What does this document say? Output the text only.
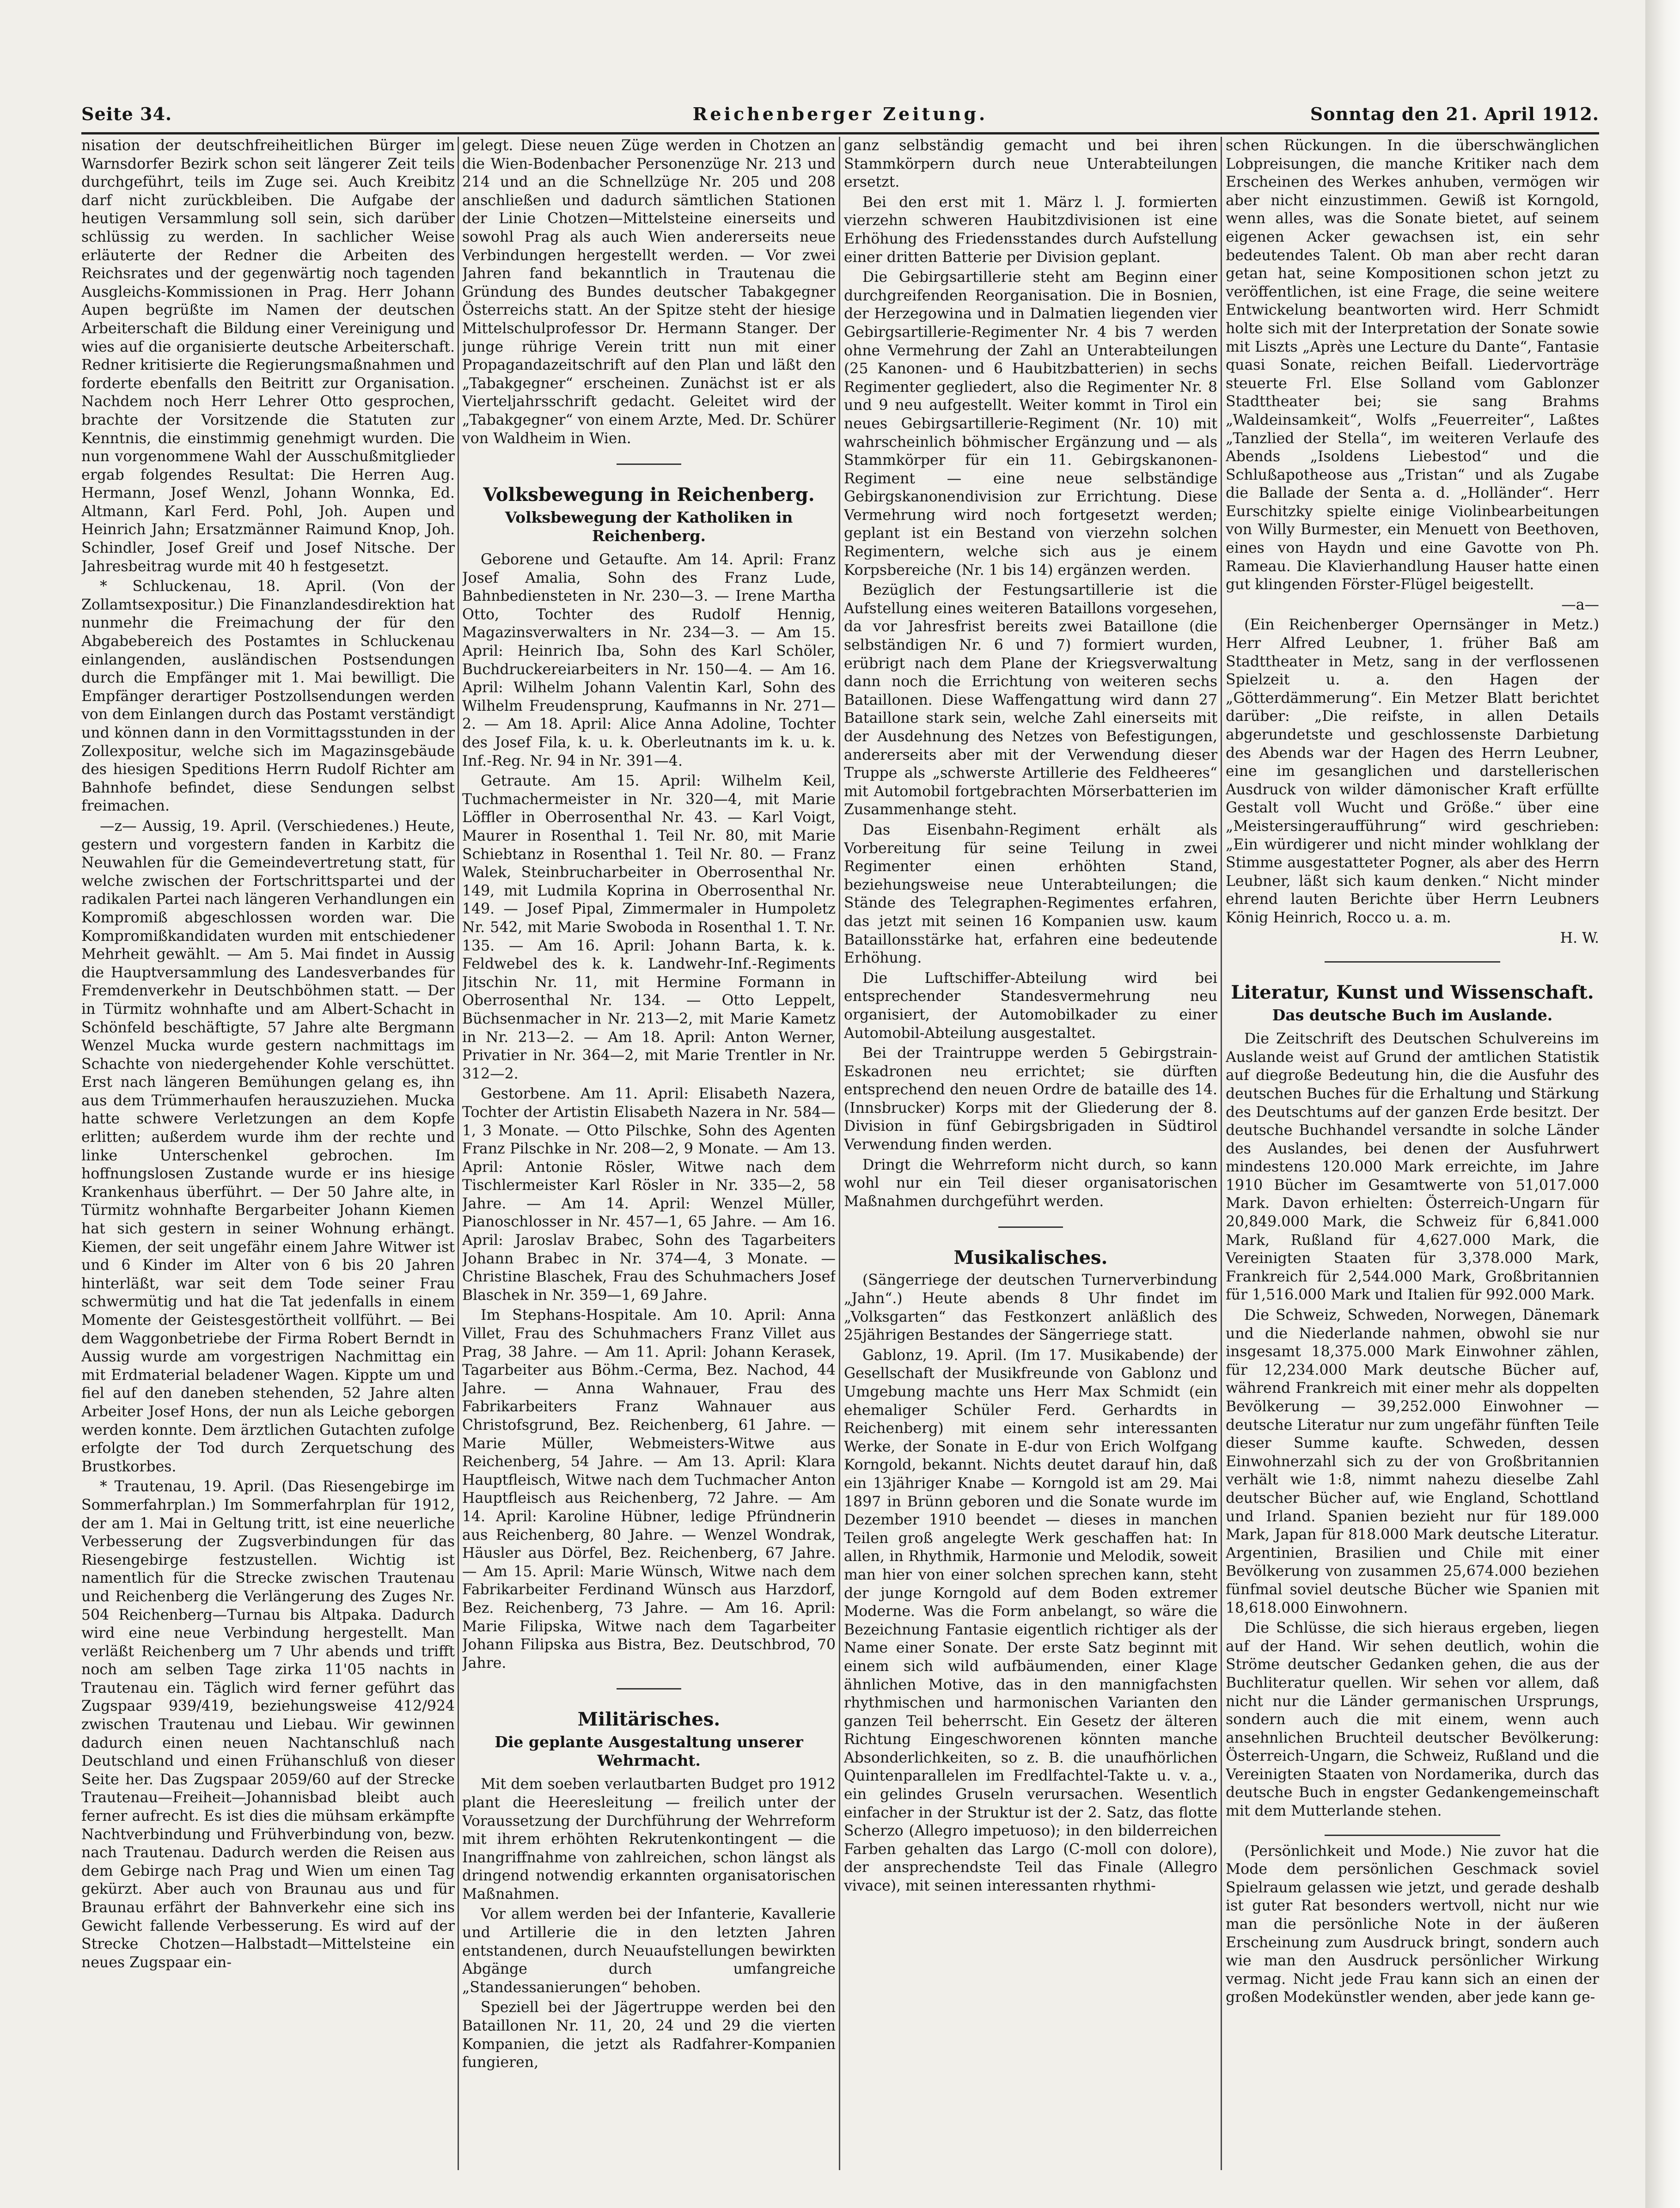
Seite 34.	Reichenberger Zeitung.	Sonntag den 21. April 1912.

nisation der deutschfreiheitlichen Bürger im Warnsdorfer Bezirk schon seit längerer Zeit teils durchgeführt, teils im Zuge sei. Auch Kreibitz darf nicht zurückbleiben. Die Aufgabe der heutigen Versammlung soll sein, sich darüber schlüssig zu werden. In sachlicher Weise erläuterte der Redner die Arbeiten des Reichsrates und der gegenwärtig noch tagenden Ausgleichs-Kommissionen in Prag. Herr Johann Aupen begrüßte im Namen der deutschen Arbeiterschaft die Bildung einer Vereinigung und wies auf die organisierte deutsche Arbeiterschaft. Redner kritisierte die Regierungsmaßnahmen und forderte ebenfalls den Beitritt zur Organisation. Nachdem noch Herr Lehrer Otto gesprochen, brachte der Vorsitzende die Statuten zur Kenntnis, die einstimmig genehmigt wurden. Die nun vorgenommene Wahl der Ausschußmitglieder ergab folgendes Resultat: Die Herren Aug. Hermann, Josef Wenzl, Johann Wonnka, Ed. Altmann, Karl Ferd. Pohl, Joh. Aupen und Heinrich Jahn; Ersatzmänner Raimund Knop, Joh. Schindler, Josef Greif und Josef Nitsche. Der Jahresbeitrag wurde mit 40 h festgesetzt.

* Schluckenau, 18. April. (Von der Zollamtsexpositur.) Die Finanzlandesdirektion hat nunmehr die Freimachung der für den Abgabebereich des Postamtes in Schluckenau einlangenden, ausländischen Postsendungen durch die Empfänger mit 1. Mai bewilligt. Die Empfänger derartiger Postzollsendungen werden von dem Einlangen durch das Postamt verständigt und können dann in den Vormittagsstunden in der Zollexpositur, welche sich im Magazinsgebäude des hiesigen Speditions Herrn Rudolf Richter am Bahnhofe befindet, diese Sendungen selbst freimachen.

—z— Aussig, 19. April. (Verschiedenes.) Heute, gestern und vorgestern fanden in Karbitz die Neuwahlen für die Gemeindevertretung statt, für welche zwischen der Fortschrittspartei und der radikalen Partei nach längeren Verhandlungen ein Kompromiß abgeschlossen worden war. Die Kompromißkandidaten wurden mit entschiedener Mehrheit gewählt. — Am 5. Mai findet in Aussig die Hauptversammlung des Landesverbandes für Fremdenverkehr in Deutschböhmen statt. — Der in Türmitz wohnhafte und am Albert-Schacht in Schönfeld beschäftigte, 57 Jahre alte Bergmann Wenzel Mucka wurde gestern nachmittags im Schachte von niedergehender Kohle verschüttet. Erst nach längeren Bemühungen gelang es, ihn aus dem Trümmerhaufen herauszuziehen. Mucka hatte schwere Verletzungen an dem Kopfe erlitten; außerdem wurde ihm der rechte und linke Unterschenkel gebrochen. Im hoffnungslosen Zustande wurde er ins hiesige Krankenhaus überführt. — Der 50 Jahre alte, in Türmitz wohnhafte Bergarbeiter Johann Kiemen hat sich gestern in seiner Wohnung erhängt. Kiemen, der seit ungefähr einem Jahre Witwer ist und 6 Kinder im Alter von 6 bis 20 Jahren hinterläßt, war seit dem Tode seiner Frau schwermütig und hat die Tat jedenfalls in einem Momente der Geistesgestörtheit vollführt. — Bei dem Waggonbetriebe der Firma Robert Berndt in Aussig wurde am vorgestrigen Nachmittag ein mit Erdmaterial beladener Wagen. Kippte um und fiel auf den daneben stehenden, 52 Jahre alten Arbeiter Josef Hons, der nun als Leiche geborgen werden konnte. Dem ärztlichen Gutachten zufolge erfolgte der Tod durch Zerquetschung des Brustkorbes.

* Trautenau, 19. April. (Das Riesengebirge im Sommerfahrplan.) Im Sommerfahrplan für 1912, der am 1. Mai in Geltung tritt, ist eine neuerliche Verbesserung der Zugsverbindungen für das Riesengebirge festzustellen. Wichtig ist namentlich für die Strecke zwischen Trautenau und Reichenberg die Verlängerung des Zuges Nr. 504 Reichenberg—Turnau bis Altpaka. Dadurch wird eine neue Verbindung hergestellt. Man verläßt Reichenberg um 7 Uhr abends und trifft noch am selben Tage zirka 11'05 nachts in Trautenau ein. Täglich wird ferner geführt das Zugspaar 939/419, beziehungsweise 412/924 zwischen Trautenau und Liebau. Wir gewinnen dadurch einen neuen Nachtanschluß nach Deutschland und einen Frühanschluß von dieser Seite her. Das Zugspaar 2059/60 auf der Strecke Trautenau—Freiheit—Johannisbad bleibt auch ferner aufrecht. Es ist dies die mühsam erkämpfte Nachtverbindung und Frühverbindung von, bezw. nach Trautenau. Dadurch werden die Reisen aus dem Gebirge nach Prag und Wien um einen Tag gekürzt. Aber auch von Braunau aus und für Braunau erfährt der Bahnverkehr eine sich ins Gewicht fallende Verbesserung. Es wird auf der Strecke Chotzen—Halbstadt—Mittelsteine ein neues Zugspaar ein-

gelegt. Diese neuen Züge werden in Chotzen an die Wien-Bodenbacher Personenzüge Nr. 213 und 214 und an die Schnellzüge Nr. 205 und 208 anschließen und dadurch sämtlichen Stationen der Linie Chotzen—Mittelsteine einerseits und sowohl Prag als auch Wien andererseits neue Verbindungen hergestellt werden. — Vor zwei Jahren fand bekanntlich in Trautenau die Gründung des Bundes deutscher Tabakgegner Österreichs statt. An der Spitze steht der hiesige Mittelschulprofessor Dr. Hermann Stanger. Der junge rührige Verein tritt nun mit einer Propagandazeitschrift auf den Plan und läßt den „Tabakgegner“ erscheinen. Zunächst ist er als Vierteljahrsschrift gedacht. Geleitet wird der „Tabakgegner“ von einem Arzte, Med. Dr. Schürer von Waldheim in Wien.

Volksbewegung in Reichenberg.
Volksbewegung der Katholiken in Reichenberg.

Geborene und Getaufte. Am 14. April: Franz Josef Amalia, Sohn des Franz Lude, Bahnbediensteten in Nr. 230—3. — Irene Martha Otto, Tochter des Rudolf Hennig, Magazinsverwalters in Nr. 234—3. — Am 15. April: Heinrich Iba, Sohn des Karl Schöler, Buchdruckereiarbeiters in Nr. 150—4. — Am 16. April: Wilhelm Johann Valentin Karl, Sohn des Wilhelm Freudensprung, Kaufmanns in Nr. 271—2. — Am 18. April: Alice Anna Adoline, Tochter des Josef Fila, k. u. k. Oberleutnants im k. u. k. Inf.-Reg. Nr. 94 in Nr. 391—4.

Getraute. Am 15. April: Wilhelm Keil, Tuchmachermeister in Nr. 320—4, mit Marie Löffler in Oberrosenthal Nr. 43. — Karl Voigt, Maurer in Rosenthal 1. Teil Nr. 80, mit Marie Schiebtanz in Rosenthal 1. Teil Nr. 80. — Franz Walek, Steinbrucharbeiter in Oberrosenthal Nr. 149, mit Ludmila Koprina in Oberrosenthal Nr. 149. — Josef Pipal, Zimmermaler in Humpoletz Nr. 542, mit Marie Swoboda in Rosenthal 1. T. Nr. 135. — Am 16. April: Johann Barta, k. k. Feldwebel des k. k. Landwehr-Inf.-Regiments Jitschin Nr. 11, mit Hermine Formann in Oberrosenthal Nr. 134. — Otto Leppelt, Büchsenmacher in Nr. 213—2, mit Marie Kametz in Nr. 213—2. — Am 18. April: Anton Werner, Privatier in Nr. 364—2, mit Marie Trentler in Nr. 312—2.

Gestorbene. Am 11. April: Elisabeth Nazera, Tochter der Artistin Elisabeth Nazera in Nr. 584—1, 3 Monate. — Otto Pilschke, Sohn des Agenten Franz Pilschke in Nr. 208—2, 9 Monate. — Am 13. April: Antonie Rösler, Witwe nach dem Tischlermeister Karl Rösler in Nr. 335—2, 58 Jahre. — Am 14. April: Wenzel Müller, Pianoschlosser in Nr. 457—1, 65 Jahre. — Am 16. April: Jaroslav Brabec, Sohn des Tagarbeiters Johann Brabec in Nr. 374—4, 3 Monate. — Christine Blaschek, Frau des Schuhmachers Josef Blaschek in Nr. 359—1, 69 Jahre.

Im Stephans-Hospitale. Am 10. April: Anna Villet, Frau des Schuhmachers Franz Villet aus Prag, 38 Jahre. — Am 11. April: Johann Kerasek, Tagarbeiter aus Böhm.-Cerma, Bez. Nachod, 44 Jahre. — Anna Wahnauer, Frau des Fabrikarbeiters Franz Wahnauer aus Christofsgrund, Bez. Reichenberg, 61 Jahre. — Marie Müller, Webmeisters-Witwe aus Reichenberg, 54 Jahre. — Am 13. April: Klara Hauptfleisch, Witwe nach dem Tuchmacher Anton Hauptfleisch aus Reichenberg, 72 Jahre. — Am 14. April: Karoline Hübner, ledige Pfründnerin aus Reichenberg, 80 Jahre. — Wenzel Wondrak, Häusler aus Dörfel, Bez. Reichenberg, 67 Jahre. — Am 15. April: Marie Wünsch, Witwe nach dem Fabrikarbeiter Ferdinand Wünsch aus Harzdorf, Bez. Reichenberg, 73 Jahre. — Am 16. April: Marie Filipska, Witwe nach dem Tagarbeiter Johann Filipska aus Bistra, Bez. Deutschbrod, 70 Jahre.

Militärisches.
Die geplante Ausgestaltung unserer Wehrmacht.

Mit dem soeben verlautbarten Budget pro 1912 plant die Heeresleitung — freilich unter der Voraussetzung der Durchführung der Wehrreform mit ihrem erhöhten Rekrutenkontingent — die Inangriffnahme von zahlreichen, schon längst als dringend notwendig erkannten organisatorischen Maßnahmen.

Vor allem werden bei der Infanterie, Kavallerie und Artillerie die in den letzten Jahren entstandenen, durch Neuaufstellungen bewirkten Abgänge durch umfangreiche „Standessanierungen“ behoben.

Speziell bei der Jägertruppe werden bei den Bataillonen Nr. 11, 20, 24 und 29 die vierten Kompanien, die jetzt als Radfahrer-Kompanien fungieren,

ganz selbständig gemacht und bei ihren Stammkörpern durch neue Unterabteilungen ersetzt.

Bei den erst mit 1. März l. J. formierten vierzehn schweren Haubitzdivisionen ist eine Erhöhung des Friedensstandes durch Aufstellung einer dritten Batterie per Division geplant.

Die Gebirgsartillerie steht am Beginn einer durchgreifenden Reorganisation. Die in Bosnien, der Herzegowina und in Dalmatien liegenden vier Gebirgsartillerie-Regimenter Nr. 4 bis 7 werden ohne Vermehrung der Zahl an Unterabteilungen (25 Kanonen- und 6 Haubitzbatterien) in sechs Regimenter gegliedert, also die Regimenter Nr. 8 und 9 neu aufgestellt. Weiter kommt in Tirol ein neues Gebirgsartillerie-Regiment (Nr. 10) mit wahrscheinlich böhmischer Ergänzung und — als Stammkörper für ein 11. Gebirgskanonen-Regiment — eine neue selbständige Gebirgskanonendivision zur Errichtung. Diese Vermehrung wird noch fortgesetzt werden; geplant ist ein Bestand von vierzehn solchen Regimentern, welche sich aus je einem Korpsbereiche (Nr. 1 bis 14) ergänzen werden.

Bezüglich der Festungsartillerie ist die Aufstellung eines weiteren Bataillons vorgesehen, da vor Jahresfrist bereits zwei Bataillone (die selbständigen Nr. 6 und 7) formiert wurden, erübrigt nach dem Plane der Kriegsverwaltung dann noch die Errichtung von weiteren sechs Bataillonen. Diese Waffengattung wird dann 27 Bataillone stark sein, welche Zahl einerseits mit der Ausdehnung des Netzes von Befestigungen, andererseits aber mit der Verwendung dieser Truppe als „schwerste Artillerie des Feldheeres“ mit Automobil fortgebrachten Mörserbatterien im Zusammenhange steht.

Das Eisenbahn-Regiment erhält als Vorbereitung für seine Teilung in zwei Regimenter einen erhöhten Stand, beziehungsweise neue Unterabteilungen; die Stände des Telegraphen-Regimentes erfahren, das jetzt mit seinen 16 Kompanien usw. kaum Bataillonsstärke hat, erfahren eine bedeutende Erhöhung.

Die Luftschiffer-Abteilung wird bei entsprechender Standesvermehrung neu organisiert, der Automobilkader zu einer Automobil-Abteilung ausgestaltet.

Bei der Traintruppe werden 5 Gebirgstrain-Eskadronen neu errichtet; sie dürften entsprechend den neuen Ordre de bataille des 14. (Innsbrucker) Korps mit der Gliederung der 8. Division in fünf Gebirgsbrigaden in Südtirol Verwendung finden werden.

Dringt die Wehrreform nicht durch, so kann wohl nur ein Teil dieser organisatorischen Maßnahmen durchgeführt werden.

Musikalisches.

(Sängerriege der deutschen Turnerverbindung „Jahn“.) Heute abends 8 Uhr findet im „Volksgarten“ das Festkonzert anläßlich des 25jährigen Bestandes der Sängerriege statt.

Gablonz, 19. April. (Im 17. Musikabende) der Gesellschaft der Musikfreunde von Gablonz und Umgebung machte uns Herr Max Schmidt (ein ehemaliger Schüler Ferd. Gerhardts in Reichenberg) mit einem sehr interessanten Werke, der Sonate in E-dur von Erich Wolfgang Korngold, bekannt. Nichts deutet darauf hin, daß ein 13jähriger Knabe — Korngold ist am 29. Mai 1897 in Brünn geboren und die Sonate wurde im Dezember 1910 beendet — dieses in manchen Teilen groß angelegte Werk geschaffen hat: In allen, in Rhythmik, Harmonie und Melodik, soweit man hier von einer solchen sprechen kann, steht der junge Korngold auf dem Boden extremer Moderne. Was die Form anbelangt, so wäre die Bezeichnung Fantasie eigentlich richtiger als der Name einer Sonate. Der erste Satz beginnt mit einem sich wild aufbäumenden, einer Klage ähnlichen Motive, das in den mannigfachsten rhythmischen und harmonischen Varianten den ganzen Teil beherrscht. Ein Gesetz der älteren Richtung Eingeschworenen könnten manche Absonderlichkeiten, so z. B. die unaufhörlichen Quintenparallelen im Fredlfachtel-Takte u. v. a., ein gelindes Gruseln verursachen. Wesentlich einfacher in der Struktur ist der 2. Satz, das flotte Scherzo (Allegro impetuoso); in den bilderreichen Farben gehalten das Largo (C-moll con dolore), der ansprechendste Teil das Finale (Allegro vivace), mit seinen interessanten rhythmi-

schen Rückungen. In die überschwänglichen Lobpreisungen, die manche Kritiker nach dem Erscheinen des Werkes anhuben, vermögen wir aber nicht einzustimmen. Gewiß ist Korngold, wenn alles, was die Sonate bietet, auf seinem eigenen Acker gewachsen ist, ein sehr bedeutendes Talent. Ob man aber recht daran getan hat, seine Kompositionen schon jetzt zu veröffentlichen, ist eine Frage, die seine weitere Entwickelung beantworten wird. Herr Schmidt holte sich mit der Interpretation der Sonate sowie mit Liszts „Après une Lecture du Dante“, Fantasie quasi Sonate, reichen Beifall. Liedervorträge steuerte Frl. Else Solland vom Gablonzer Stadttheater bei; sie sang Brahms „Waldeinsamkeit“, Wolfs „Feuerreiter“, Laßtes „Tanzlied der Stella“, im weiteren Verlaufe des Abends „Isoldens Liebestod“ und die Schlußapotheose aus „Tristan“ und als Zugabe die Ballade der Senta a. d. „Holländer“. Herr Eurschitzky spielte einige Violinbearbeitungen von Willy Burmester, ein Menuett von Beethoven, eines von Haydn und eine Gavotte von Ph. Rameau. Die Klavierhandlung Hauser hatte einen gut klingenden Förster-Flügel beigestellt.

—a—

(Ein Reichenberger Opernsänger in Metz.) Herr Alfred Leubner, 1. früher Baß am Stadttheater in Metz, sang in der verflossenen Spielzeit u. a. den Hagen der „Götterdämmerung“. Ein Metzer Blatt berichtet darüber: „Die reifste, in allen Details abgerundetste und geschlossenste Darbietung des Abends war der Hagen des Herrn Leubner, eine im gesanglichen und darstellerischen Ausdruck von wilder dämonischer Kraft erfüllte Gestalt voll Wucht und Größe.“ über eine „Meistersingeraufführung“ wird geschrieben: „Ein würdigerer und nicht minder wohlklang der Stimme ausgestatteter Pogner, als aber des Herrn Leubner, läßt sich kaum denken.“ Nicht minder ehrend lauten Berichte über Herrn Leubners König Heinrich, Rocco u. a. m.

H. W.

Literatur, Kunst und Wissenschaft.
Das deutsche Buch im Auslande.

Die Zeitschrift des Deutschen Schulvereins im Auslande weist auf Grund der amtlichen Statistik auf diegroße Bedeutung hin, die die Ausfuhr des deutschen Buches für die Erhaltung und Stärkung des Deutschtums auf der ganzen Erde besitzt. Der deutsche Buchhandel versandte in solche Länder des Auslandes, bei denen der Ausfuhrwert mindestens 120.000 Mark erreichte, im Jahre 1910 Bücher im Gesamtwerte von 51,017.000 Mark. Davon erhielten: Österreich-Ungarn für 20,849.000 Mark, die Schweiz für 6,841.000 Mark, Rußland für 4,627.000 Mark, die Vereinigten Staaten für 3,378.000 Mark, Frankreich für 2,544.000 Mark, Großbritannien für 1,516.000 Mark und Italien für 992.000 Mark.

Die Schweiz, Schweden, Norwegen, Dänemark und die Niederlande nahmen, obwohl sie nur insgesamt 18,375.000 Mark Einwohner zählen, für 12,234.000 Mark deutsche Bücher auf, während Frankreich mit einer mehr als doppelten Bevölkerung — 39,252.000 Einwohner — deutsche Literatur nur zum ungefähr fünften Teile dieser Summe kaufte. Schweden, dessen Einwohnerzahl sich zu der von Großbritannien verhält wie 1:8, nimmt nahezu dieselbe Zahl deutscher Bücher auf, wie England, Schottland und Irland. Spanien bezieht nur für 189.000 Mark, Japan für 818.000 Mark deutsche Literatur. Argentinien, Brasilien und Chile mit einer Bevölkerung von zusammen 25,674.000 beziehen fünfmal soviel deutsche Bücher wie Spanien mit 18,618.000 Einwohnern.

Die Schlüsse, die sich hieraus ergeben, liegen auf der Hand. Wir sehen deutlich, wohin die Ströme deutscher Gedanken gehen, die aus der Buchliteratur quellen. Wir sehen vor allem, daß nicht nur die Länder germanischen Ursprungs, sondern auch die mit einem, wenn auch ansehnlichen Bruchteil deutscher Bevölkerung: Österreich-Ungarn, die Schweiz, Rußland und die Vereinigten Staaten von Nordamerika, durch das deutsche Buch in engster Gedankengemeinschaft mit dem Mutterlande stehen.

(Persönlichkeit und Mode.) Nie zuvor hat die Mode dem persönlichen Geschmack soviel Spielraum gelassen wie jetzt, und gerade deshalb ist guter Rat besonders wertvoll, nicht nur wie man die persönliche Note in der äußeren Erscheinung zum Ausdruck bringt, sondern auch wie man den Ausdruck persönlicher Wirkung vermag. Nicht jede Frau kann sich an einen der großen Modekünstler wenden, aber jede kann ge-
